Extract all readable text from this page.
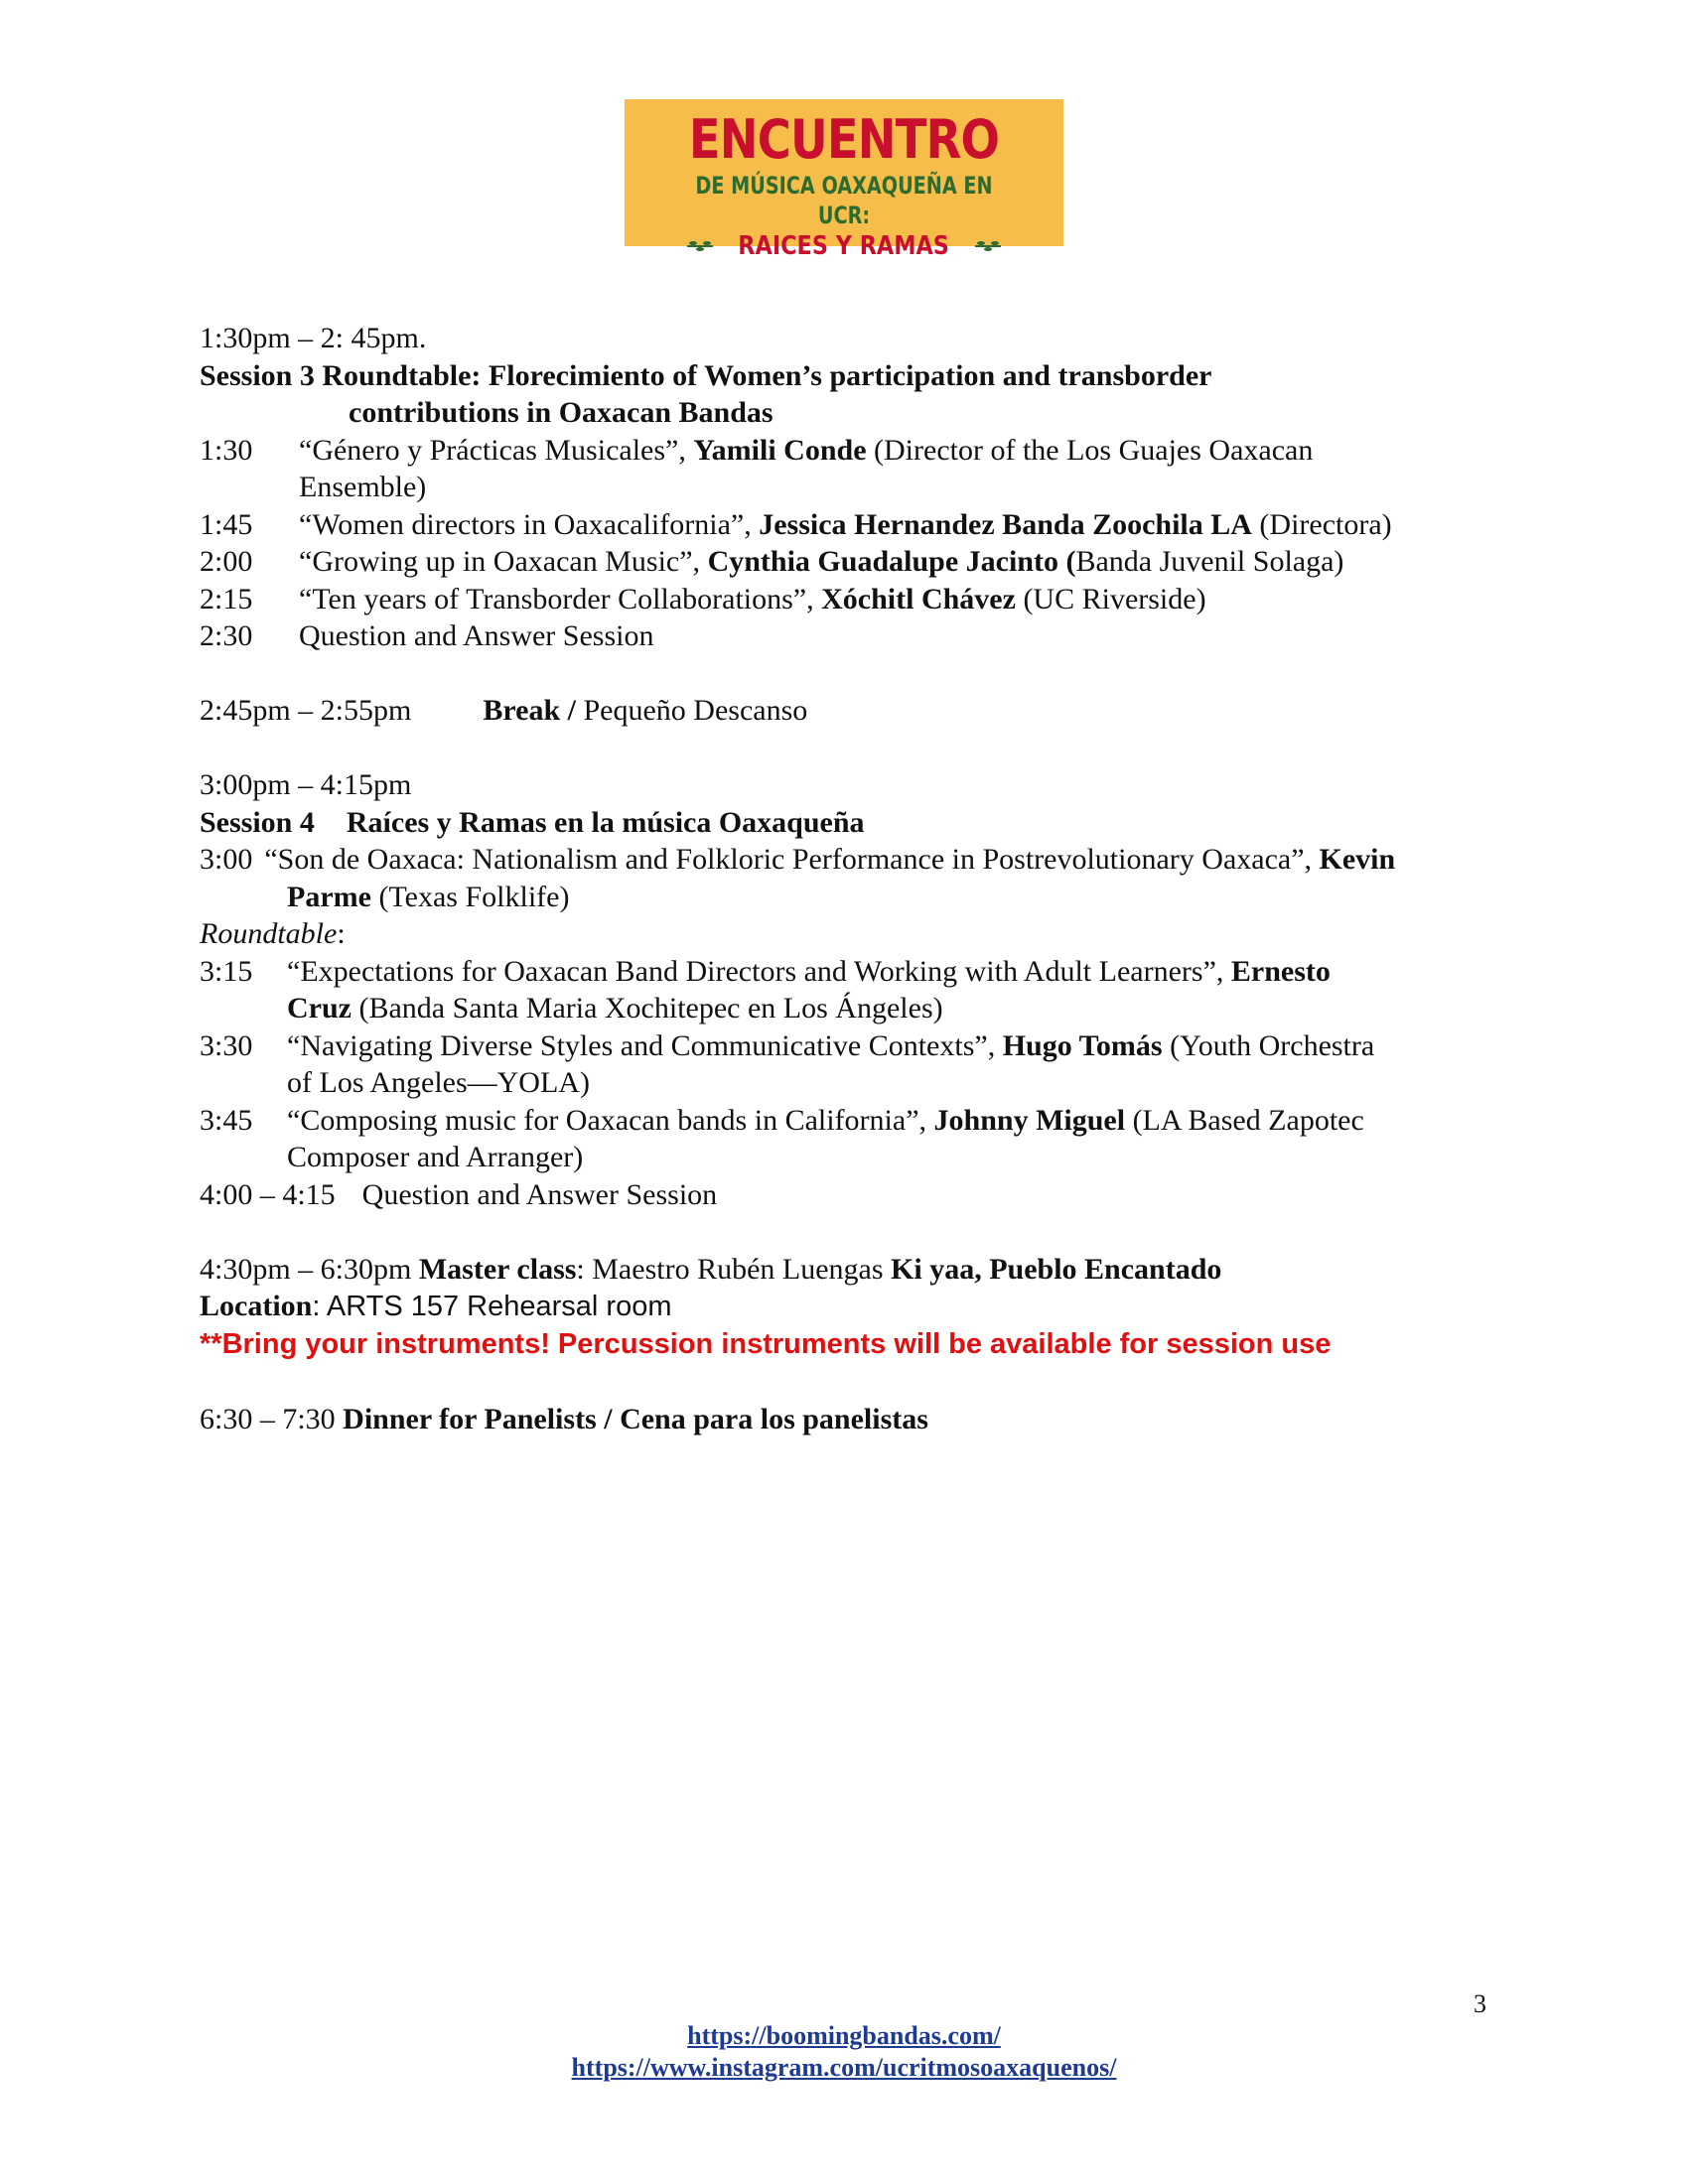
ENCUENTRO
DE MÚSICA OAXAQUEÑA EN UCR:
RAICES Y RAMAS
1:30pm – 2: 45pm.
Session 3 Roundtable: Florecimiento of Women’s participation and transborder
contributions in Oaxacan Bandas
1:30	“Género y Prácticas Musicales”, Yamili Conde (Director of the Los Guajes Oaxacan
Ensemble)
1:45	“Women directors in Oaxacalifornia”, Jessica Hernandez Banda Zoochila LA (Directora)
2:00	“Growing up in Oaxacan Music”, Cynthia Guadalupe Jacinto (Banda Juvenil Solaga)
2:15	“Ten years of Transborder Collaborations”, Xóchitl Chávez (UC Riverside)
2:30	Question and Answer Session
2:45pm – 2:55pm Break / Pequeño Descanso
3:00pm – 4:15pm
Session 4 Raíces y Ramas en la música Oaxaqueña
3:00 “Son de Oaxaca: Nationalism and Folkloric Performance in Postrevolutionary Oaxaca”, Kevin
Parme (Texas Folklife)
Roundtable:
3:15	“Expectations for Oaxacan Band Directors and Working with Adult Learners”, Ernesto
Cruz (Banda Santa Maria Xochitepec en Los Ángeles)
3:30	“Navigating Diverse Styles and Communicative Contexts”, Hugo Tomás (Youth Orchestra
of Los Angeles—YOLA)
3:45	“Composing music for Oaxacan bands in California”, Johnny Miguel (LA Based Zapotec
Composer and Arranger)
4:00 – 4:15 Question and Answer Session
4:30pm – 6:30pm Master class: Maestro Rubén Luengas Ki yaa, Pueblo Encantado
Location: ARTS 157 Rehearsal room
**Bring your instruments! Percussion instruments will be available for session use
6:30 – 7:30 Dinner for Panelists / Cena para los panelistas
3
https://boomingbandas.com/
https://www.instagram.com/ucritmosoaxaquenos/
